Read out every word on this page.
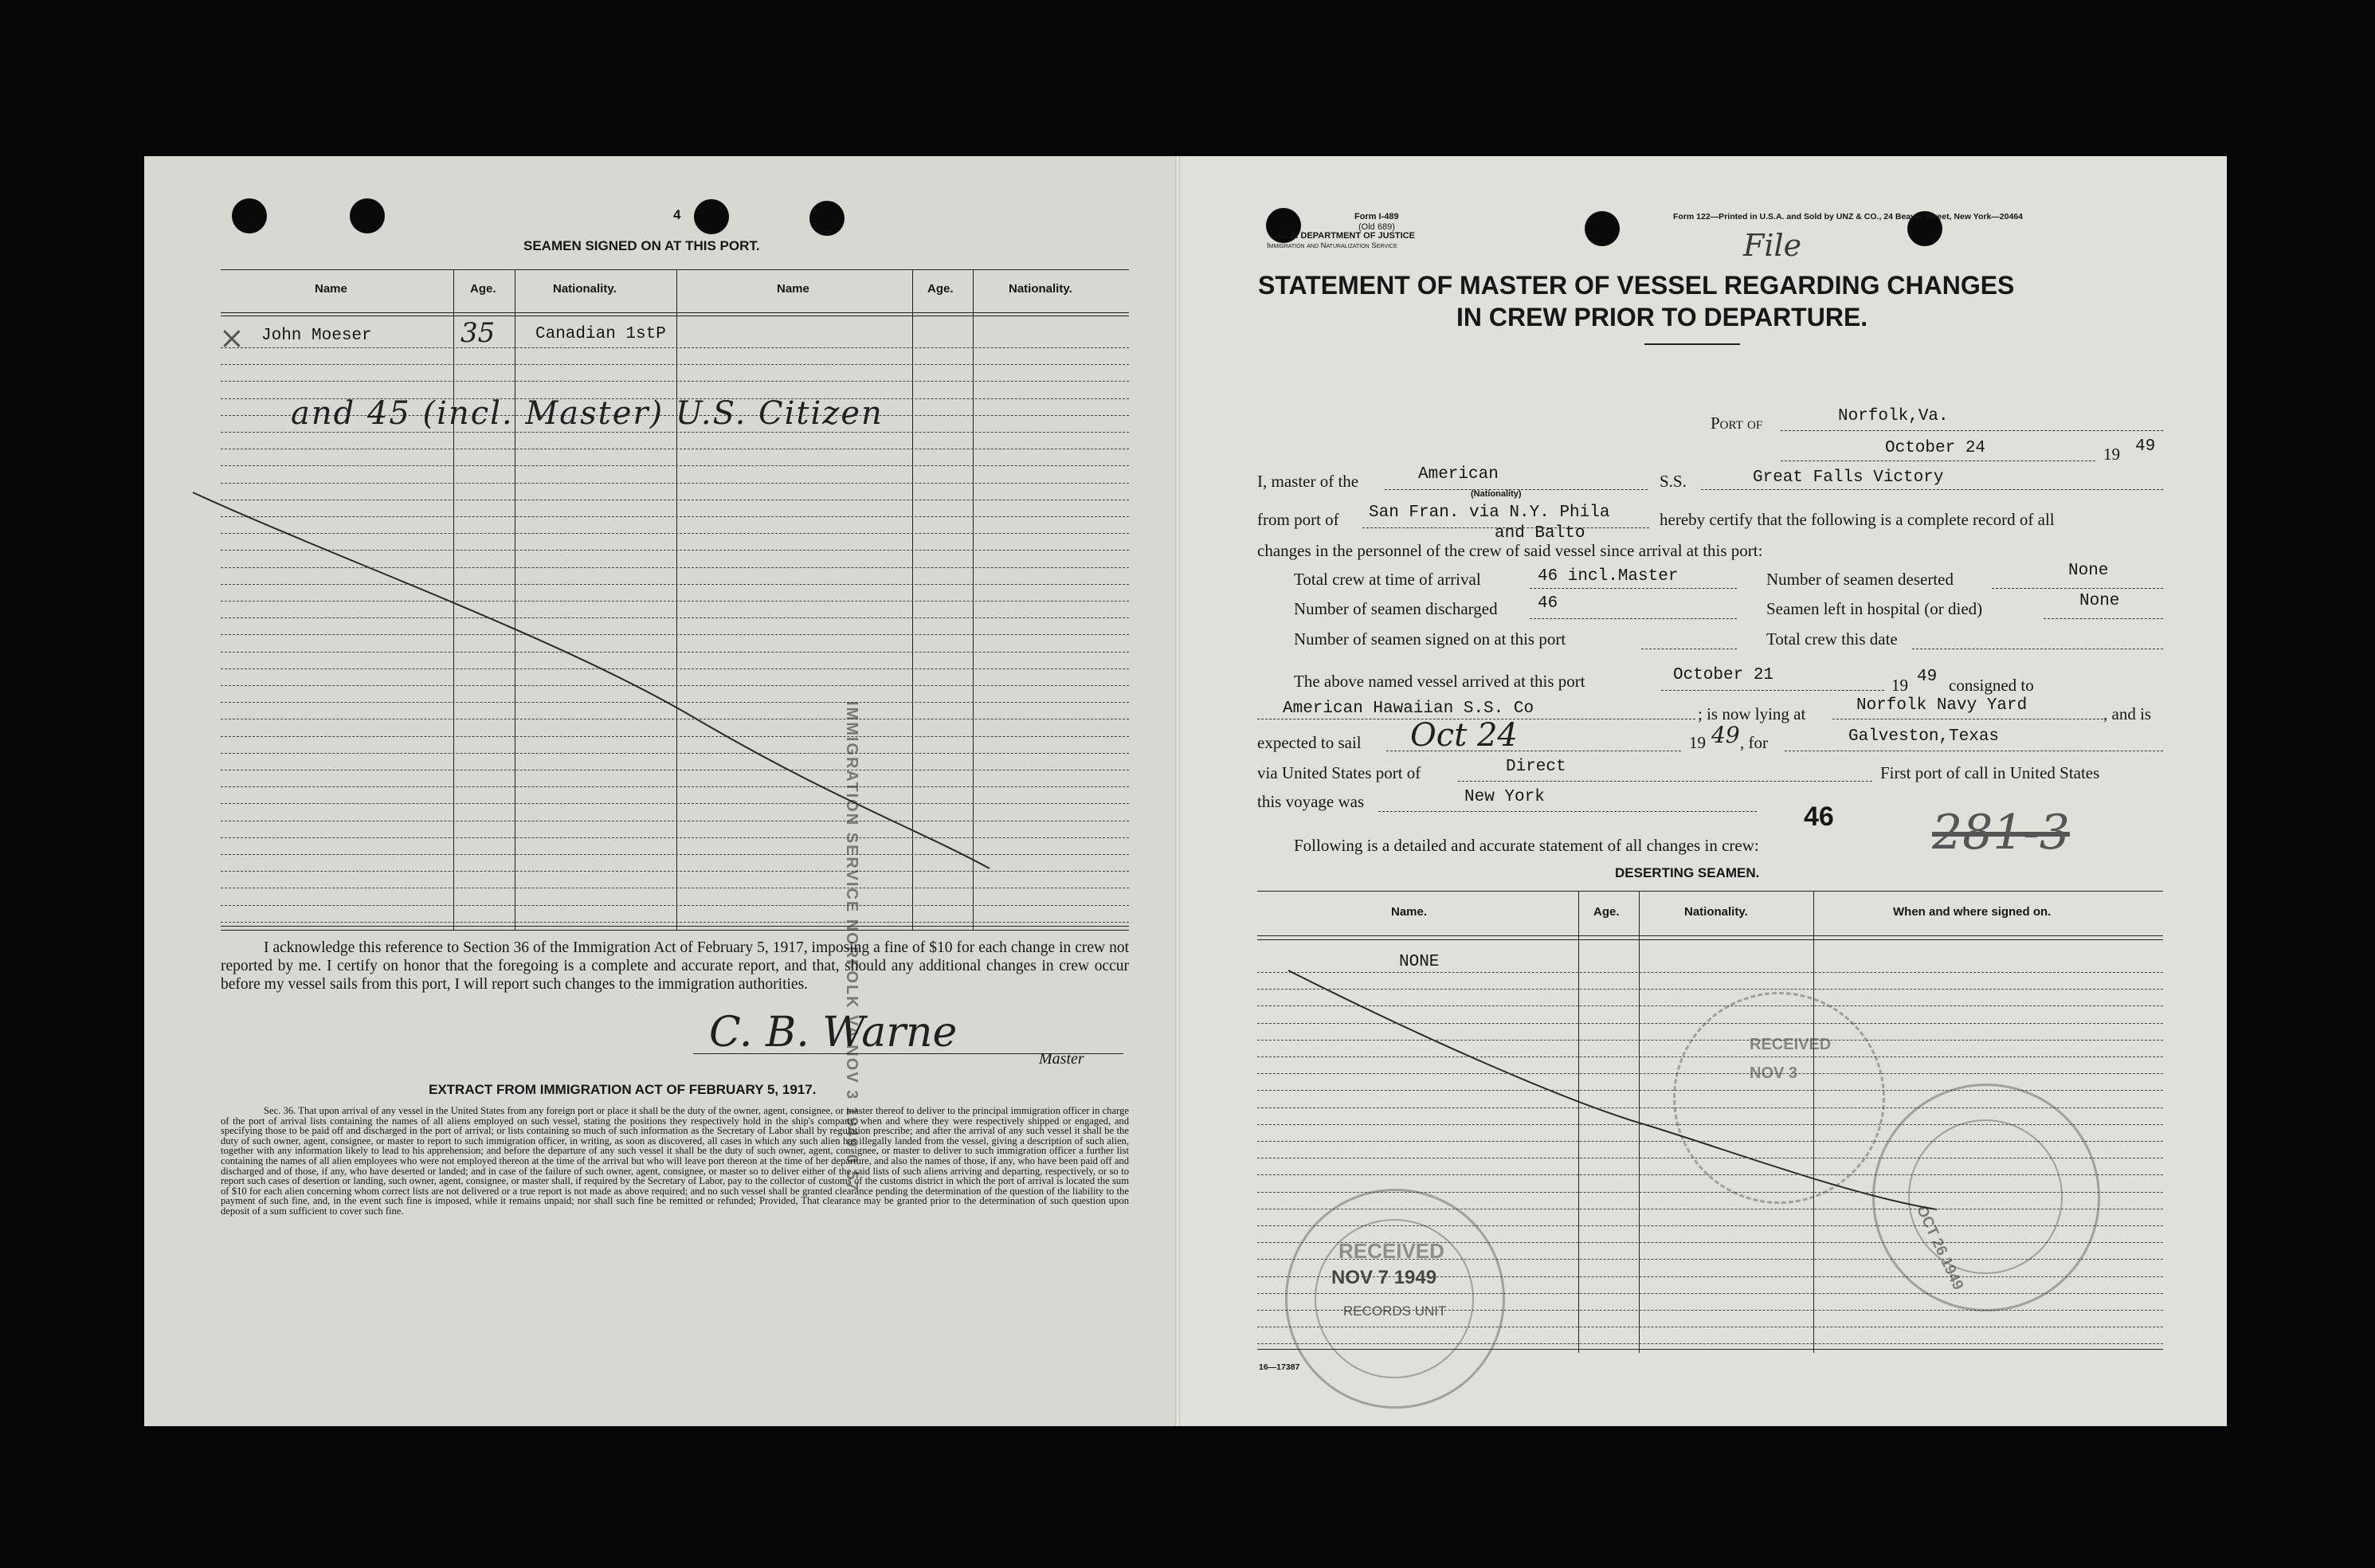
4
SEAMEN SIGNED ON AT THIS PORT.
Name	Age.	Nationality.	Name	Age.	Nationality.
× John Moeser	35 Canadian 1stP
and 45 (incl. Master) U.S. Citizen
IMMIGRATION SERVICE NORFOLK VA NOV 3 1949 0 57
I acknowledge this reference to Section 36 of the Immigration Act of February 5, 1917, imposing a fine of $10 for each change in crew not reported by me. I certify on honor that the foregoing is a complete and accurate report, and that, should any additional changes in crew occur before my vessel sails from this port, I will report such changes to the immigration authorities.
C. B. Warne
Master
EXTRACT FROM IMMIGRATION ACT OF FEBRUARY 5, 1917.
Sec. 36. That upon arrival of any vessel in the United States from any foreign port or place it shall be the duty of the owner, agent, consignee, or master thereof to deliver to the principal immigration officer in charge of the port of arrival lists containing the names of all aliens employed on such vessel, stating the positions they respectively hold in the ship's company, when and where they were respectively shipped or engaged, and specifying those to be paid off and discharged in the port of arrival; or lists containing so much of such information as the Secretary of Labor shall by regulation prescribe; and after the arrival of any such vessel it shall be the duty of such owner, agent, consignee, or master to report to such immigration officer, in writing, as soon as discovered, all cases in which any such alien has illegally landed from the vessel, giving a description of such alien, together with any information likely to lead to his apprehension; and before the departure of any such vessel it shall be the duty of such owner, agent, consignee, or master to deliver to such immigration officer a further list containing the names of all alien employees who were not employed thereon at the time of the arrival but who will leave port thereon at the time of her departure, and also the names of those, if any, who have been paid off and discharged and of those, if any, who have deserted or landed; and in case of the failure of such owner, agent, consignee, or master so to deliver either of the said lists of such aliens arriving and departing, respectively, or so to report such cases of desertion or landing, such owner, agent, consignee, or master shall, if required by the Secretary of Labor, pay to the collector of customs of the customs district in which the port of arrival is located the sum of $10 for each alien concerning whom correct lists are not delivered or a true report is not made as above required; and no such vessel shall be granted clearance pending the determination of the question of the liability to the payment of such fine, and, in the event such fine is imposed, while it remains unpaid; nor shall such fine be remitted or refunded; Provided, That clearance may be granted prior to the determination of such question upon deposit of a sum sufficient to cover such fine.
RECEIVED
NOV 7 1949
RECORDS UNIT
Form I-489
(Old 689)
U. S. DEPARTMENT OF JUSTICE
Immigration and Naturalization Service
Form 122—Printed in U.S.A. and Sold by UNZ & CO., 24 Beaver Street, New York—20464
File
STATEMENT OF MASTER OF VESSEL REGARDING CHANGES
IN CREW PRIOR TO DEPARTURE.
Port of	Norfolk,Va.
October 24	19 49
I, master of the	American
(Nationality)
S.S.	Great Falls Victory
from port of San Fran. via N.Y. Phila
and Balto
hereby certify that the following is a complete record of all
changes in the personnel of the crew of said vessel since arrival at this port:
Total crew at time of arrival	46 incl.Master	Number of seamen deserted	None
Number of seamen discharged 46	Seamen left in hospital (or died)	None
Number of seamen signed on at this port	Total crew this date
The above named vessel arrived at this port	October 21
19 49 consigned to
American Hawaiian S.S. Co	; is now lying at	Norfolk Navy Yard	, and is
expected to sail Oct 24	19 49 , for	Galveston,Texas
via United States port of	Direct	First port of call in United States
this voyage was	New York
46
Following is a detailed and accurate statement of all changes in crew:	281-3
DESERTING SEAMEN.
Name.	Age.	Nationality.	When and where signed on.
NONE
RECEIVED
NOV 3
OCT 26 1949
16—17387
